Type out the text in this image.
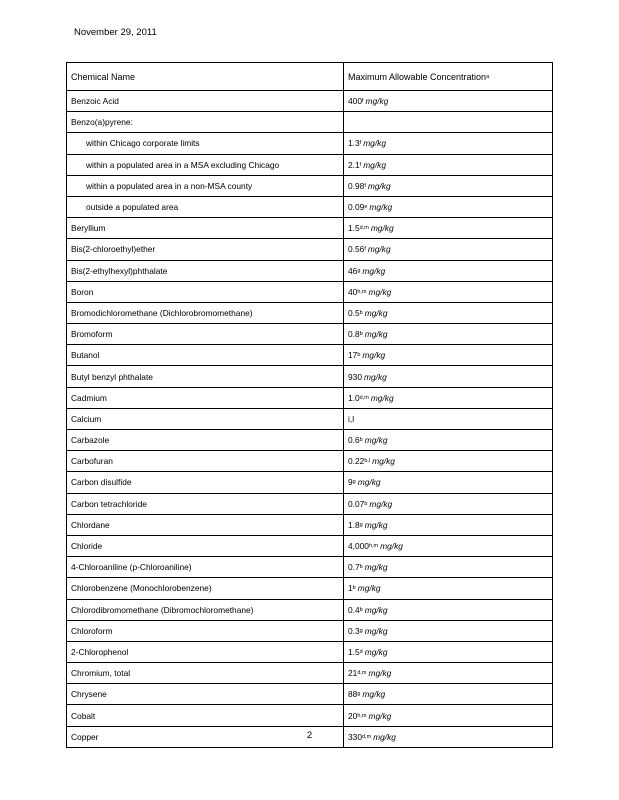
November 29, 2011
Chemical Name	Maximum Allowable Concentration a
Benzoic Acid	400 f mg/kg
Benzo(a)pyrene:
within Chicago corporate limits	1.3 f mg/kg
within a populated area in a MSA excluding Chicago	2.1 f mg/kg
within a populated area in a non-MSA county	0.98 f mg/kg
outside a populated area	0.09 e mg/kg
Beryllium	1.5 d,m mg/kg
Bis(2-chloroethyl)ether	0.56 f mg/kg
Bis(2-ethylhexyl)phthalate	46 g mg/kg
Boron	40 h,m mg/kg
Bromodichloromethane (Dichlorobromomethane)	0.5 b mg/kg
Bromoform	0.8 b mg/kg
Butanol	17 b mg/kg
Butyl benzyl phthalate	930 mg/kg
Cadmium	1.0 d,m mg/kg
Calcium	i,l
Carbazole	0.6 b mg/kg
Carbofuran	0.22 b,l mg/kg
Carbon disulfide	9 g mg/kg
Carbon tetrachloride	0.07 b mg/kg
Chlordane	1.8 g mg/kg
Chloride	4,000 h,m mg/kg
4-Chloroaniline (p-Chloroaniline)	0.7 b mg/kg
Chlorobenzene (Monochlorobenzene)	1 b mg/kg
Chlorodibromomethane (Dibromochloromethane)	0.4 b mg/kg
Chloroform	0.3 g mg/kg
2-Chlorophenol	1.5 d mg/kg
Chromium, total	21 d,m mg/kg
Chrysene	88 g mg/kg
Cobalt	20 h,m mg/kg
Copper	330 d,m mg/kg
2
